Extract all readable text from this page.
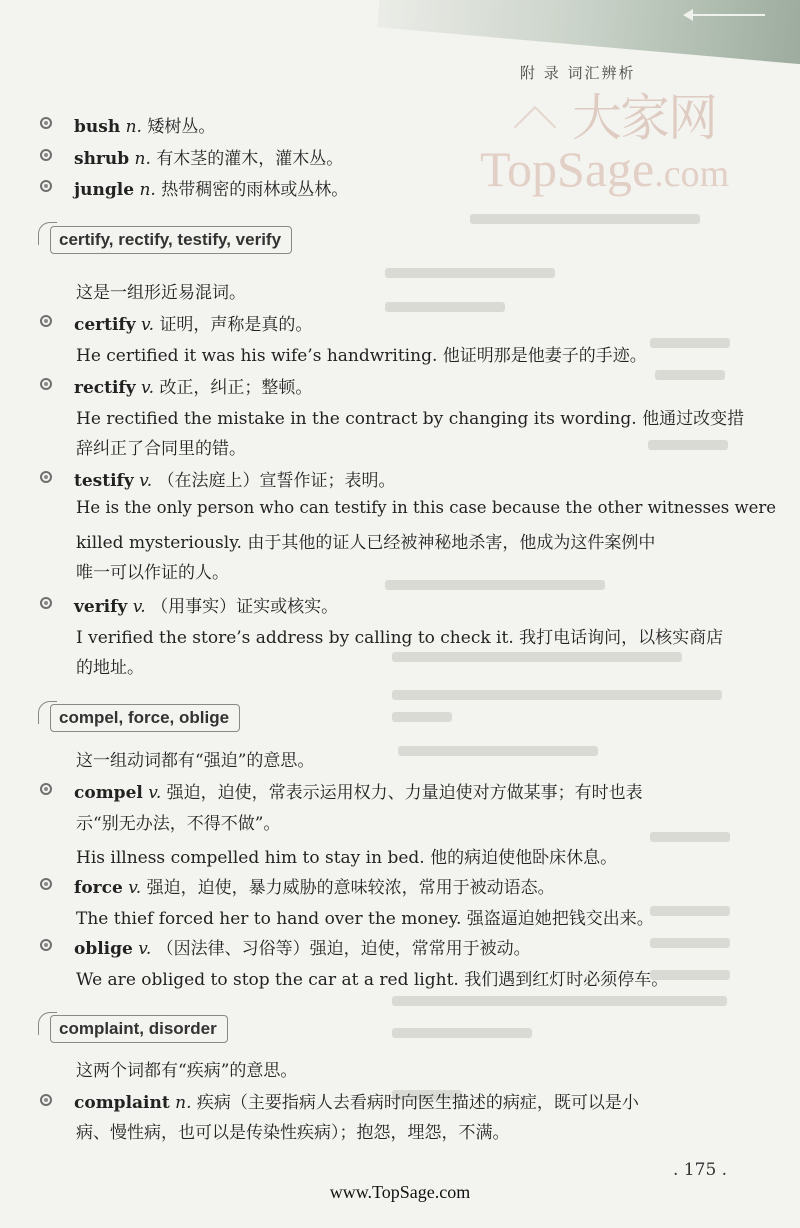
附 录 词汇辨析
大家网
TopSage.com
bush n. 矮树丛。
shrub n. 有木茎的灌木，灌木丛。
jungle n. 热带稠密的雨林或丛林。
certify, rectify, testify, verify
这是一组形近易混词。
certify v. 证明，声称是真的。
He certified it was his wife’s handwriting. 他证明那是他妻子的手迹。
rectify v. 改正，纠正；整顿。
He rectified the mistake in the contract by changing its wording. 他通过改变措
辞纠正了合同里的错。
testify v. （在法庭上）宣誓作证；表明。
He is the only person who can testify in this case because the other witnesses were
killed mysteriously. 由于其他的证人已经被神秘地杀害，他成为这件案例中
唯一可以作证的人。
verify v. （用事实）证实或核实。
I verified the store’s address by calling to check it. 我打电话询问，以核实商店
的地址。
compel, force, oblige
这一组动词都有“强迫”的意思。
compel v. 强迫，迫使，常表示运用权力、力量迫使对方做某事；有时也表
示“别无办法，不得不做”。
His illness compelled him to stay in bed. 他的病迫使他卧床休息。
force v. 强迫，迫使，暴力威胁的意味较浓，常用于被动语态。
The thief forced her to hand over the money. 强盗逼迫她把钱交出来。
oblige v. （因法律、习俗等）强迫，迫使，常常用于被动。
We are obliged to stop the car at a red light. 我们遇到红灯时必须停车。
complaint, disorder
这两个词都有“疾病”的意思。
complaint n. 疾病（主要指病人去看病时向医生描述的病症，既可以是小
病、慢性病，也可以是传染性疾病）；抱怨，埋怨，不满。
. 175 .
www.TopSage.com
